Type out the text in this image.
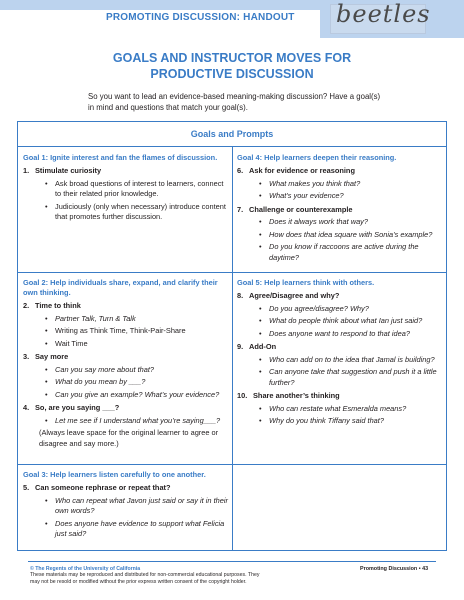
PROMOTING DISCUSSION: HANDOUT beetles
GOALS AND INSTRUCTOR MOVES FOR
PRODUCTIVE DISCUSSION
So you want to lead an evidence-based meaning-making discussion? Have a goal(s) in mind and questions that match your goal(s).
Goals and Prompts
Goal 1: Ignite interest and fan the flames of discussion.
1. Stimulate curiosity
• Ask broad questions of interest to learners, connect to their related prior knowledge.
• Judiciously (only when necessary) introduce content that promotes further discussion.
Goal 4: Help learners deepen their reasoning.
6. Ask for evidence or reasoning
• What makes you think that?
• What’s your evidence?
7. Challenge or counterexample
• Does it always work that way?
• How does that idea square with Sonia’s example?
• Do you know if raccoons are active during the daytime?
Goal 2: Help individuals share, expand, and clarify their own thinking.
2. Time to think
• Partner Talk, Turn & Talk
• Writing as Think Time, Think-Pair-Share
• Wait Time
3. Say more
• Can you say more about that?
• What do you mean by ___?
• Can you give an example? What’s your evidence?
4. So, are you saying ___?
• Let me see if I understand what you’re saying___?
(Always leave space for the original learner to agree or disagree and say more.)
Goal 5: Help learners think with others.
8. Agree/Disagree and why?
• Do you agree/disagree? Why?
• What do people think about what Ian just said?
• Does anyone want to respond to that idea?
9. Add-On
• Who can add on to the idea that Jamal is building?
• Can anyone take that suggestion and push it a little further?
10. Share another’s thinking
• Who can restate what Esmeralda means?
• Why do you think Tiffany said that?
Goal 3: Help learners listen carefully to one another.
5. Can someone rephrase or repeat that?
• Who can repeat what Javon just said or say it in their own words?
• Does anyone have evidence to support what Felicia just said?
© The Regents of the University of California
These materials may be reproduced and distributed for non-commercial educational purposes. They
may not be resold or modified without the prior express written consent of the copyright holder.
Promoting Discussion • 43
